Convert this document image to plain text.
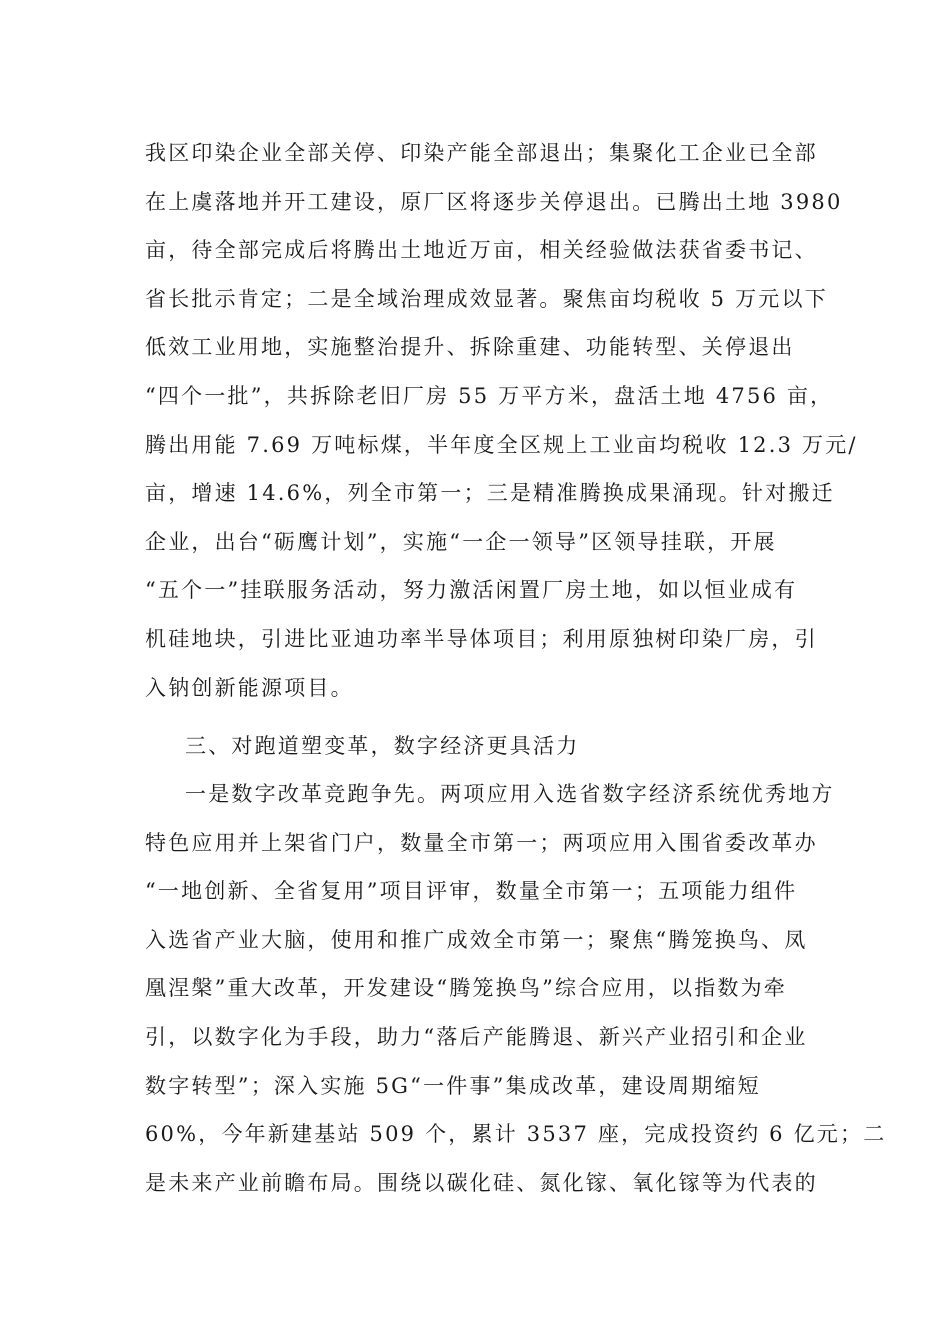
我区印染企业全部关停、印染产能全部退出；集聚化工企业已全部
在上虞落地并开工建设，原厂区将逐步关停退出。已腾出土地 3980
亩，待全部完成后将腾出土地近万亩，相关经验做法获省委书记、
省长批示肯定；二是全域治理成效显著。聚焦亩均税收 5 万元以下
低效工业用地，实施整治提升、拆除重建、功能转型、关停退出
“四个一批”，共拆除老旧厂房 55 万平方米，盘活土地 4756 亩，
腾出用能 7.69 万吨标煤，半年度全区规上工业亩均税收 12.3 万元/
亩，增速 14.6%，列全市第一；三是精准腾换成果涌现。针对搬迁
企业，出台“砺鹰计划”，实施“一企一领导”区领导挂联，开展
“五个一”挂联服务活动，努力激活闲置厂房土地，如以恒业成有
机硅地块，引进比亚迪功率半导体项目；利用原独树印染厂房，引
入钠创新能源项目。
三、对跑道塑变革，数字经济更具活力
一是数字改革竞跑争先。两项应用入选省数字经济系统优秀地方
特色应用并上架省门户，数量全市第一；两项应用入围省委改革办
“一地创新、全省复用”项目评审，数量全市第一；五项能力组件
入选省产业大脑，使用和推广成效全市第一；聚焦“腾笼换鸟、凤
凰涅槃”重大改革，开发建设“腾笼换鸟”综合应用，以指数为牵
引，以数字化为手段，助力“落后产能腾退、新兴产业招引和企业
数字转型”；深入实施 5G“一件事”集成改革，建设周期缩短
60%，今年新建基站 509 个，累计 3537 座，完成投资约 6 亿元；二
是未来产业前瞻布局。围绕以碳化硅、氮化镓、氧化镓等为代表的
